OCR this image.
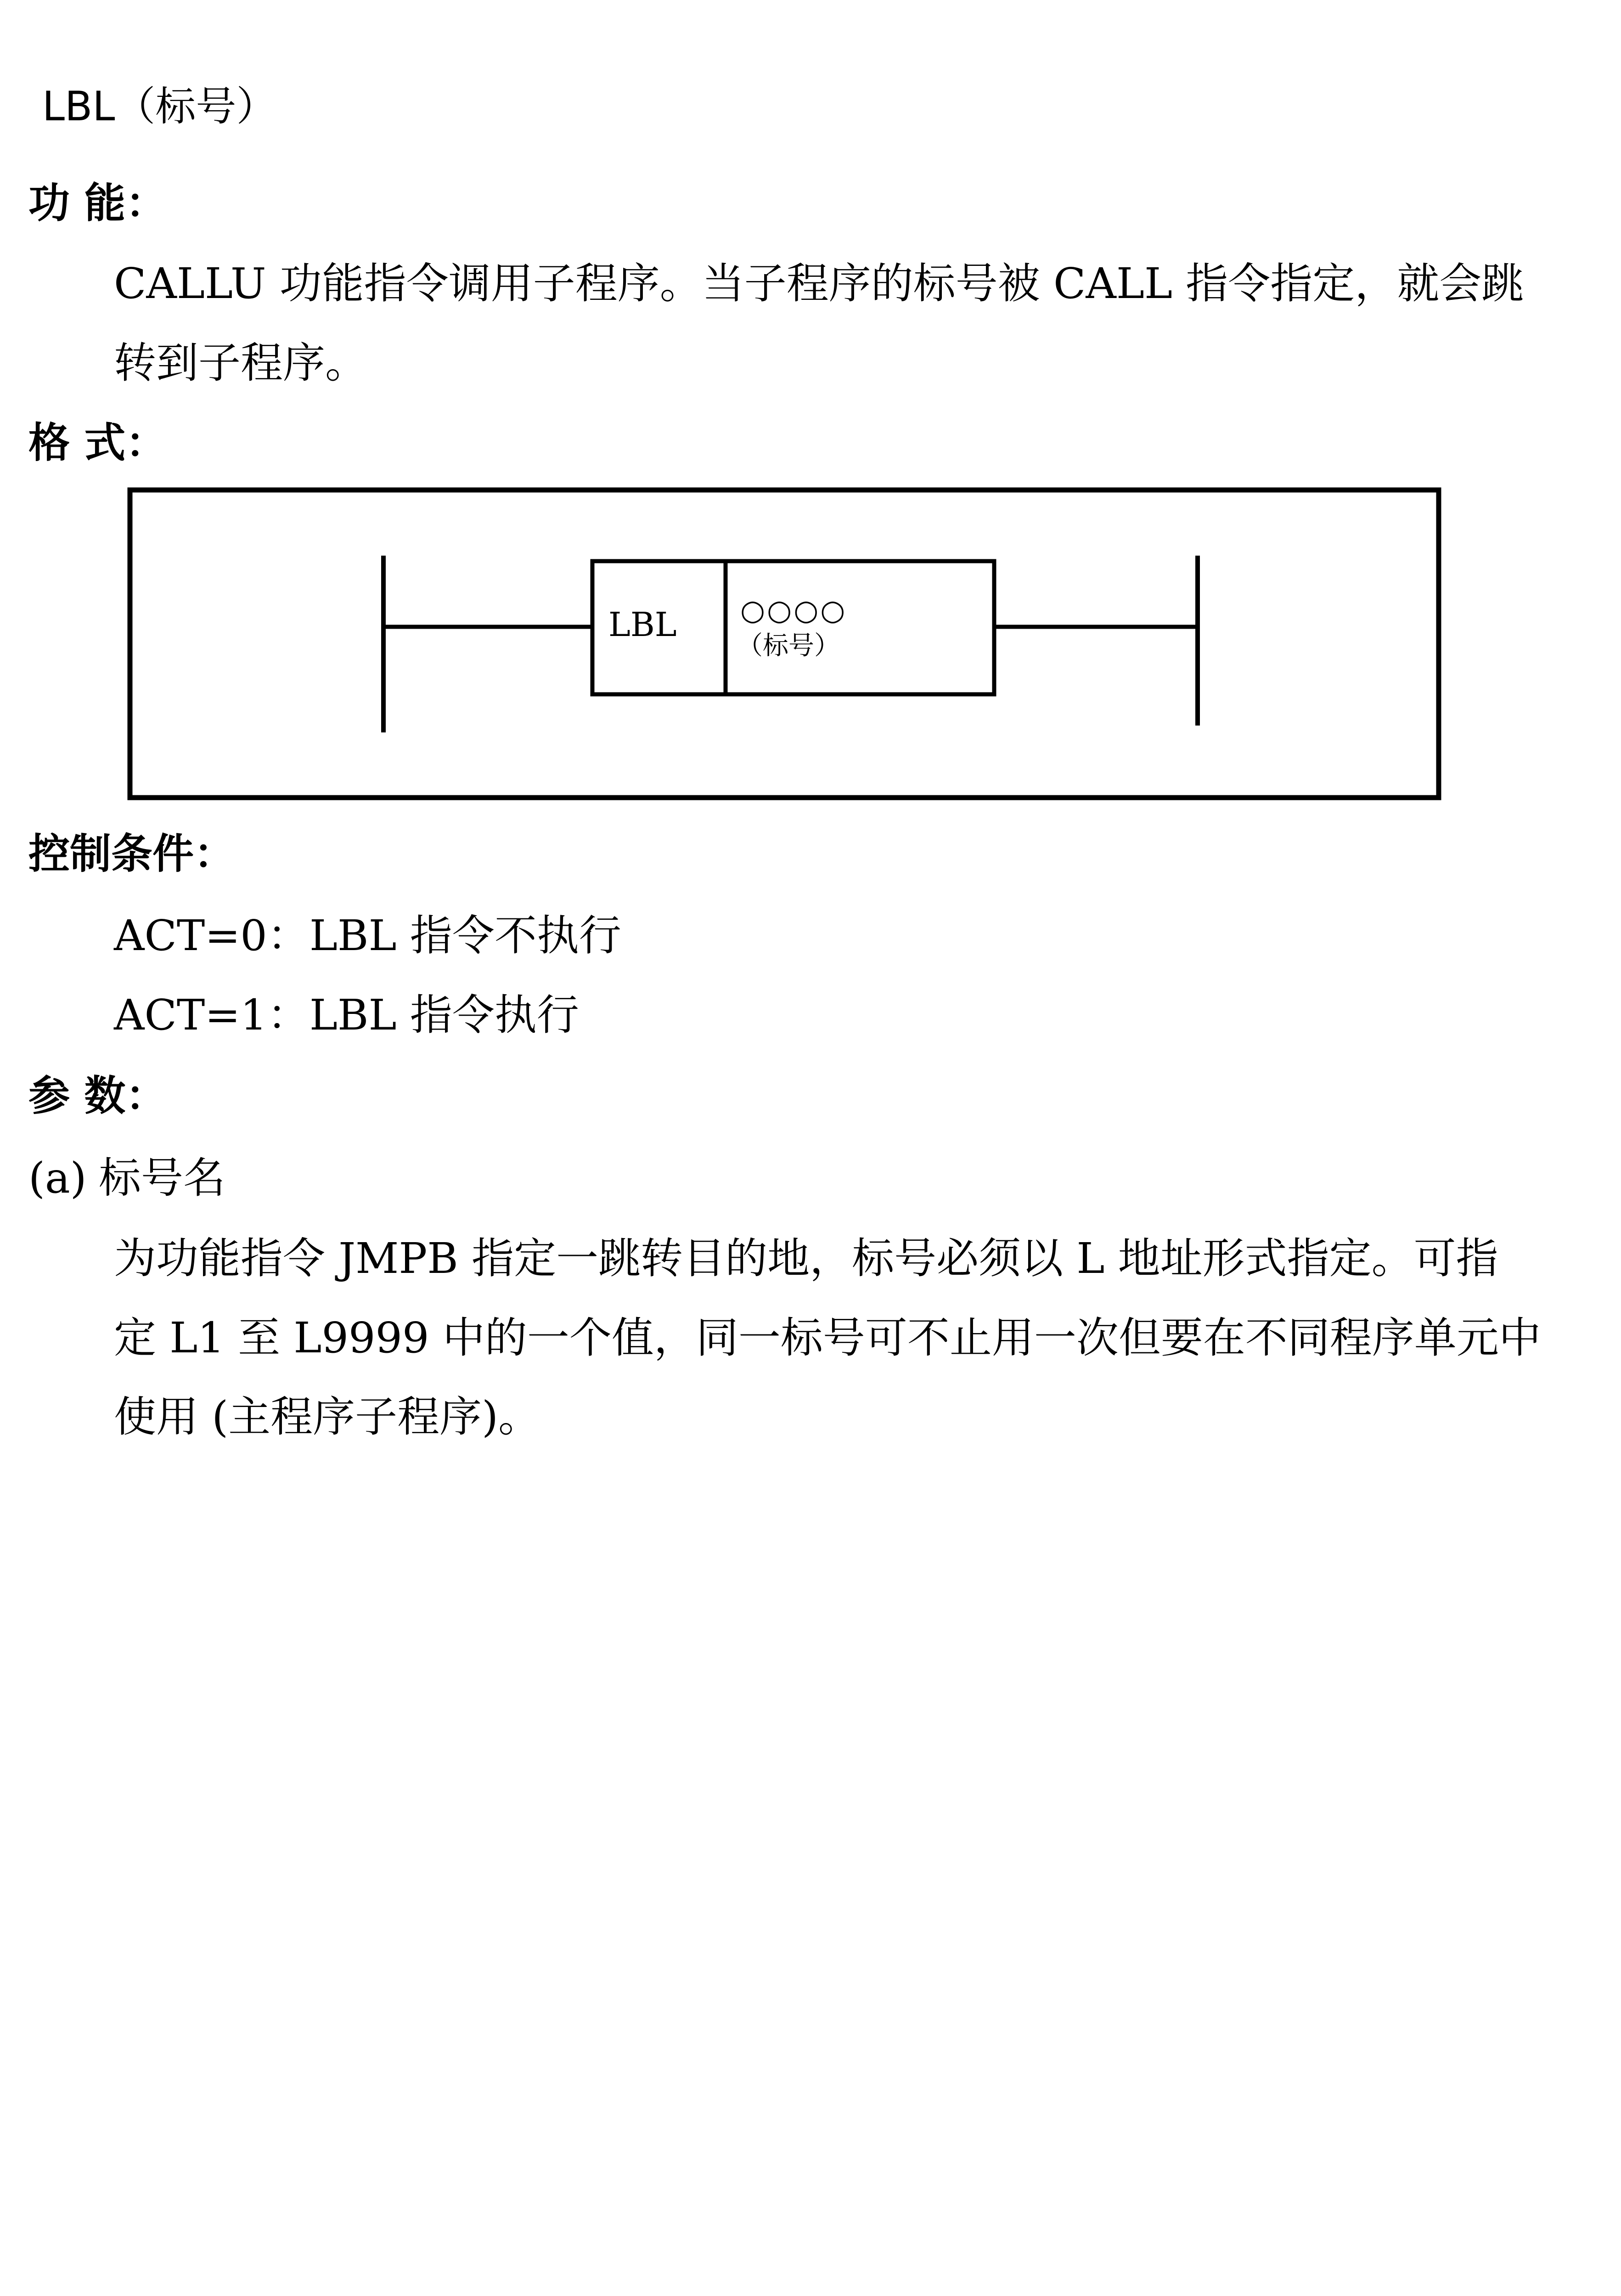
LBL（标号）
功 能：
CALLU 功能指令调用子程序。当子程序的标号被 CALL 指令指定，就会跳
转到子程序。
格 式：
LBL ○○○○
（标号）
控制条件：
ACT=0：LBL 指令不执行
ACT=1：LBL 指令执行
参 数：
(a) 标号名
为功能指令 JMPB 指定一跳转目的地，标号必须以 L 地址形式指定。可指
定 L1 至 L9999 中的一个值，同一标号可不止用一次但要在不同程序单元中
使用 (主程序子程序)。
